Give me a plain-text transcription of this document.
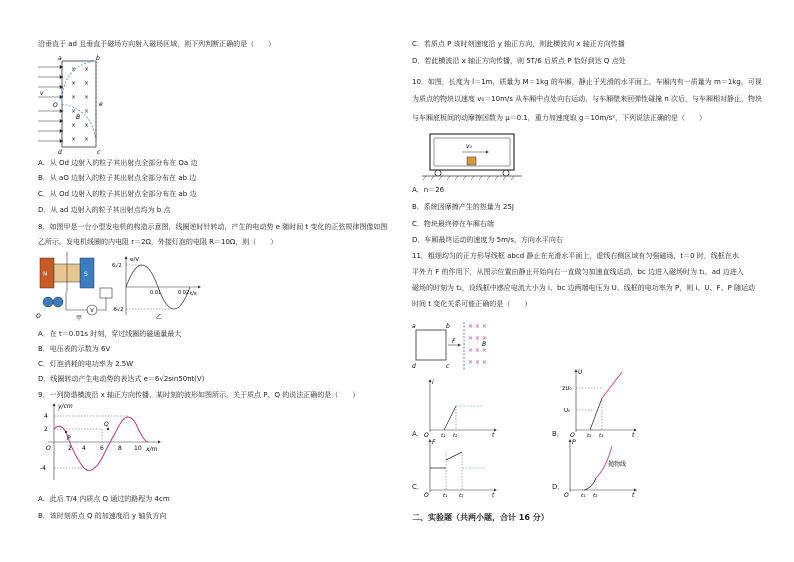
沿垂直于 ad 且垂直于磁场方向射入磁场区域，则下列判断正确的是（　　）
× ×
× ×
× ×
× ×
× ×
× ×
a	b
c
d
e
O
v
B
A．从 Od 边射入的粒子其出射点全部分布在 Oa 边
B．从 aO 边射入的粒子其出射点全部分布在 ab 边
C．从 Od 边射入的粒子其出射点全部分布在 ab 边
D．从 ad 边射入的粒子其出射点均为 b 点
8．如图甲是一台小型发电机的构造示意图，线圈逆时针转动，产生的电动势 e 随时间 t 变化的正弦规律图像如图
乙所示。发电机线圈的内电阻 r＝2Ω，外接灯泡的电阻 R＝10Ω，则（　　）
N	S
O
V
甲
e/V
t/s
6√2
-6√2
0.01	0.02
乙
A．在 t＝0.01s 时刻，穿过线圈的磁通量最大
B．电压表的示数为 6V
C．灯泡消耗的电功率为 2.5W
D．线圈转动产生电动势的表达式 e＝6√2sin50πt(V)
9．一列简谐横波沿 x 轴正方向传播，某时刻的波形如图所示，关于质点 P、Q 的说法正确的是（　　）
y/cm
x/m
P
Q
O
4
2
-4
2 4 6 8 10
A．此后 T/4 内质点 Q 通过的路程为 4cm
B．该时刻质点 Q 的加速度沿 y 轴负方向
C．若质点 P 该时刻速度沿 y 轴正方向，则此横波向 x 轴正方向传播
D．若此横波沿 x 轴正方向传播，则 5T/6 后质点 P 恰好到达 Q 点处
10．如图，长度为 l＝1m，质量为 M＝1kg 的车厢，静止于光滑的水平面上，车厢内有一质量为 m＝1kg，可视
为质点的物块以速度 v₀＝10m/s 从车厢中点处向右运动，与车厢壁来回弹性碰撞 n 次后，与车厢相对静止，物块
与车厢底板间的动摩擦因数为 μ＝0.1，重力加速度取 g＝10m/s²，下列说法正确的是（　　）
v₀
A．n＝26
B．系统因摩擦产生的热量为 25J
C．物块最终停在车厢右端
D．车厢最终运动的速度为 5m/s，方向水平向右
11．粗细均匀的正方形导线框 abcd 静止在光滑水平面上，虚线右侧区域有匀强磁场，t＝0 时，线框在水
平外力 F 的作用下，从图示位置由静止开始向右一直做匀加速直线运动，bc 边进入磁场时为 t₁，ad 边进入
磁场的时刻为 t₂，设线框中感应电流大小为 i、bc 边两端电压为 U、线框的电功率为 P，则 i、U、F、P 随运动
时间 t 变化关系可能正确的是（　　）
× × ×
× × ×
× × ×
× × ×
a	b
c
d
F	B
A．
i
O t₁ t₂	t	B．
U
2U₀
U₀
O t₁ t₂	t
C．
F
O	t₁ t₂	t
D．
P
抛物线
O t₁ t₂	t
二、实验题（共两小题，合计 16 分）
